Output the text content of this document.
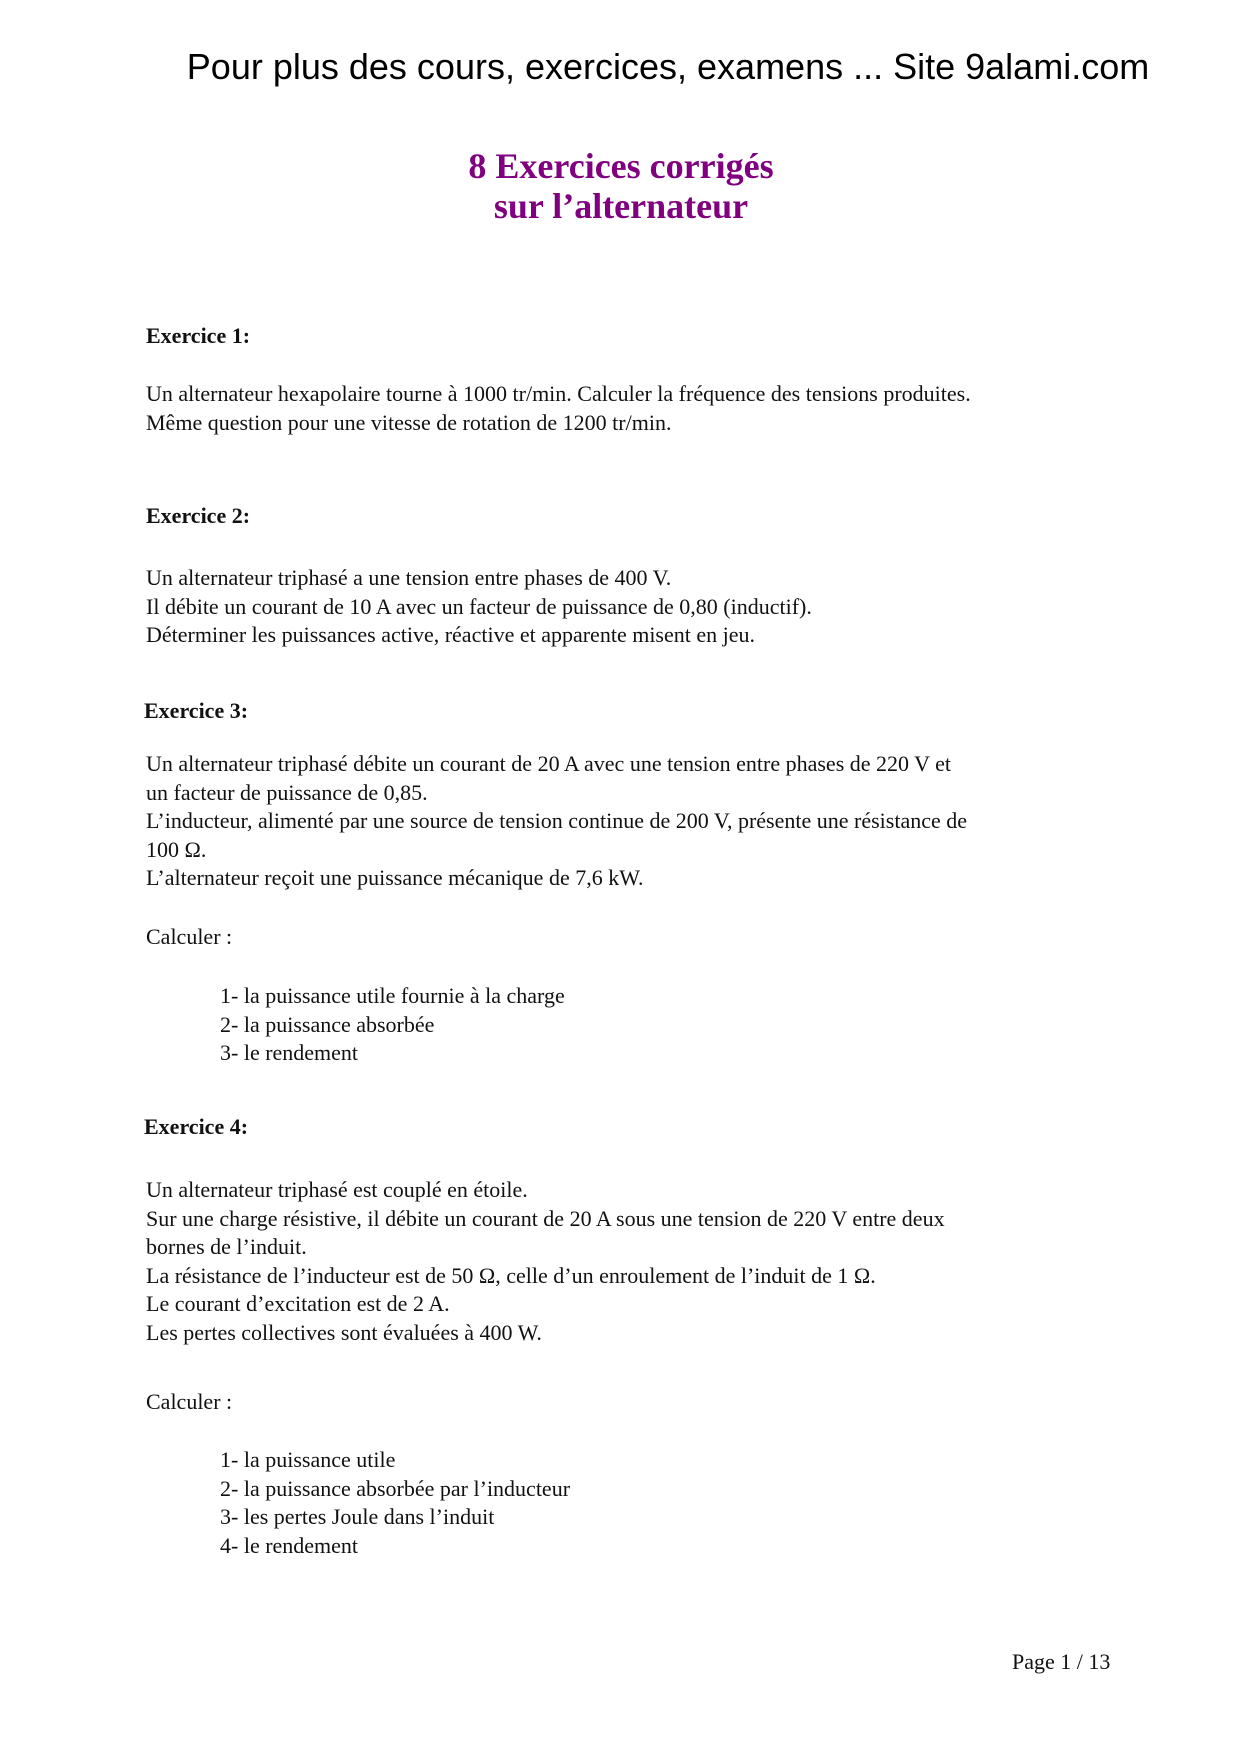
Pour plus des cours, exercices, examens ... Site 9alami.com
8 Exercices corrigés
sur l’alternateur
Exercice 1:
Un alternateur hexapolaire tourne à 1000 tr/min. Calculer la fréquence des tensions produites.
Même question pour une vitesse de rotation de 1200 tr/min.
Exercice 2:
Un alternateur triphasé a une tension entre phases de 400 V.
Il débite un courant de 10 A avec un facteur de puissance de 0,80 (inductif).
Déterminer les puissances active, réactive et apparente misent en jeu.
Exercice 3:
Un alternateur triphasé débite un courant de 20 A avec une tension entre phases de 220 V et
un facteur de puissance de 0,85.
L’inducteur, alimenté par une source de tension continue de 200 V, présente une résistance de
100 Ω.
L’alternateur reçoit une puissance mécanique de 7,6 kW.
Calculer :
1- la puissance utile fournie à la charge
2- la puissance absorbée
3- le rendement
Exercice 4:
Un alternateur triphasé est couplé en étoile.
Sur une charge résistive, il débite un courant de 20 A sous une tension de 220 V entre deux
bornes de l’induit.
La résistance de l’inducteur est de 50 Ω, celle d’un enroulement de l’induit de 1 Ω.
Le courant d’excitation est de 2 A.
Les pertes collectives sont évaluées à 400 W.
Calculer :
1- la puissance utile
2- la puissance absorbée par l’inducteur
3- les pertes Joule dans l’induit
4- le rendement
Page 1 / 13
